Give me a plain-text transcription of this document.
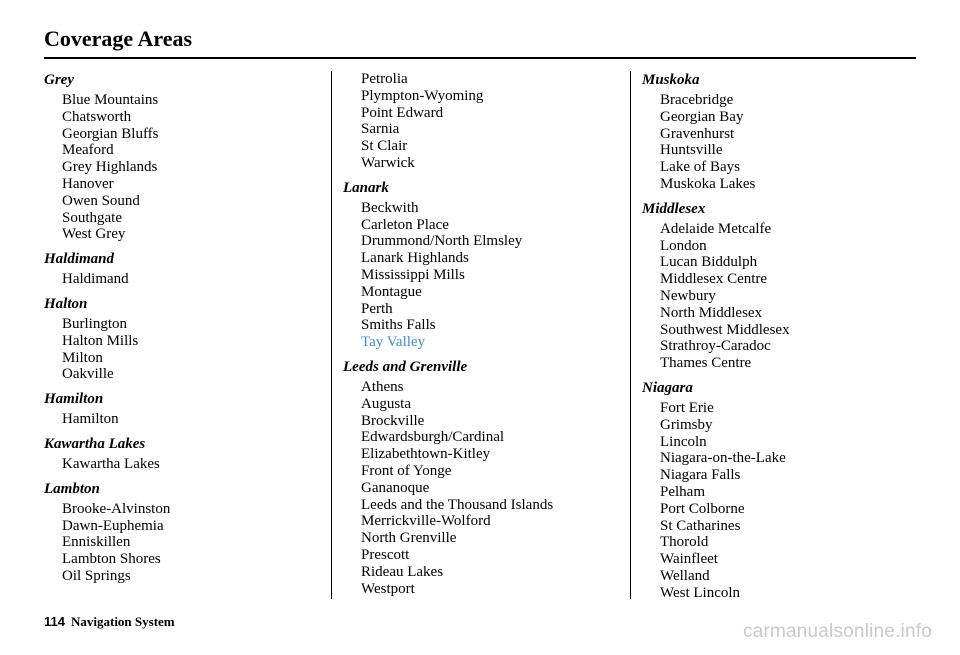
Coverage Areas
Grey
Blue Mountains
Chatsworth
Georgian Bluffs
Meaford
Grey Highlands
Hanover
Owen Sound
Southgate
West Grey
Haldimand
Haldimand
Halton
Burlington
Halton Mills
Milton
Oakville
Hamilton
Hamilton
Kawartha Lakes
Kawartha Lakes
Lambton
Brooke-Alvinston
Dawn-Euphemia
Enniskillen
Lambton Shores
Oil Springs
Petrolia
Plympton-Wyoming
Point Edward
Sarnia
St Clair
Warwick
Lanark
Beckwith
Carleton Place
Drummond/North Elmsley
Lanark Highlands
Mississippi Mills
Montague
Perth
Smiths Falls
Tay Valley
Leeds and Grenville
Athens
Augusta
Brockville
Edwardsburgh/Cardinal
Elizabethtown-Kitley
Front of Yonge
Gananoque
Leeds and the Thousand Islands
Merrickville-Wolford
North Grenville
Prescott
Rideau Lakes
Westport
Muskoka
Bracebridge
Georgian Bay
Gravenhurst
Huntsville
Lake of Bays
Muskoka Lakes
Middlesex
Adelaide Metcalfe
London
Lucan Biddulph
Middlesex Centre
Newbury
North Middlesex
Southwest Middlesex
Strathroy-Caradoc
Thames Centre
Niagara
Fort Erie
Grimsby
Lincoln
Niagara-on-the-Lake
Niagara Falls
Pelham
Port Colborne
St Catharines
Thorold
Wainfleet
Welland
West Lincoln
114 Navigation System	carmanualsonline.info
